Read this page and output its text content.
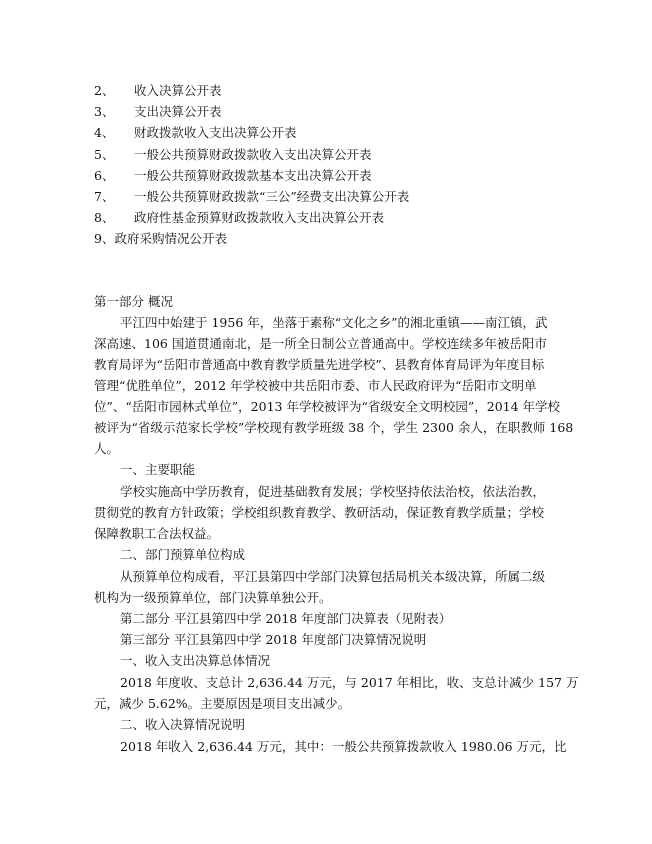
2、 收入决算公开表
3、 支出决算公开表
4、 财政拨款收入支出决算公开表
5、 一般公共预算财政拨款收入支出决算公开表
6、 一般公共预算财政拨款基本支出决算公开表
7、 一般公共预算财政拨款“三公”经费支出决算公开表
8、 政府性基金预算财政拨款收入支出决算公开表
9、政府采购情况公开表
第一部分 概况
平江四中始建于 1956 年，坐落于素称“文化之乡”的湘北重镇——南江镇，武
深高速、106 国道贯通南北，是一所全日制公立普通高中。学校连续多年被岳阳市
教育局评为“岳阳市普通高中教育教学质量先进学校”、县教育体育局评为年度目标
管理“优胜单位”，2012 年学校被中共岳阳市委、市人民政府评为“岳阳市文明单
位”、“岳阳市园林式单位”，2013 年学校被评为“省级安全文明校园”，2014 年学校
被评为“省级示范家长学校”学校现有教学班级 38 个，学生 2300 余人，在职教师 168
人。
一、主要职能
学校实施高中学历教育，促进基础教育发展；学校坚持依法治校，依法治教，
贯彻党的教育方针政策；学校组织教育教学、教研活动，保证教育教学质量；学校
保障教职工合法权益。
二、部门预算单位构成
从预算单位构成看，平江县第四中学部门决算包括局机关本级决算，所属二级
机构为一级预算单位，部门决算单独公开。
第二部分 平江县第四中学 2018 年度部门决算表（见附表）
第三部分 平江县第四中学 2018 年度部门决算情况说明
一、收入支出决算总体情况
2018 年度收、支总计 2,636.44 万元，与 2017 年相比，收、支总计减少 157 万
元，减少 5.62%。主要原因是项目支出减少。
二、收入决算情况说明
2018 年收入 2,636.44 万元，其中：一般公共预算拨款收入 1980.06 万元，比
